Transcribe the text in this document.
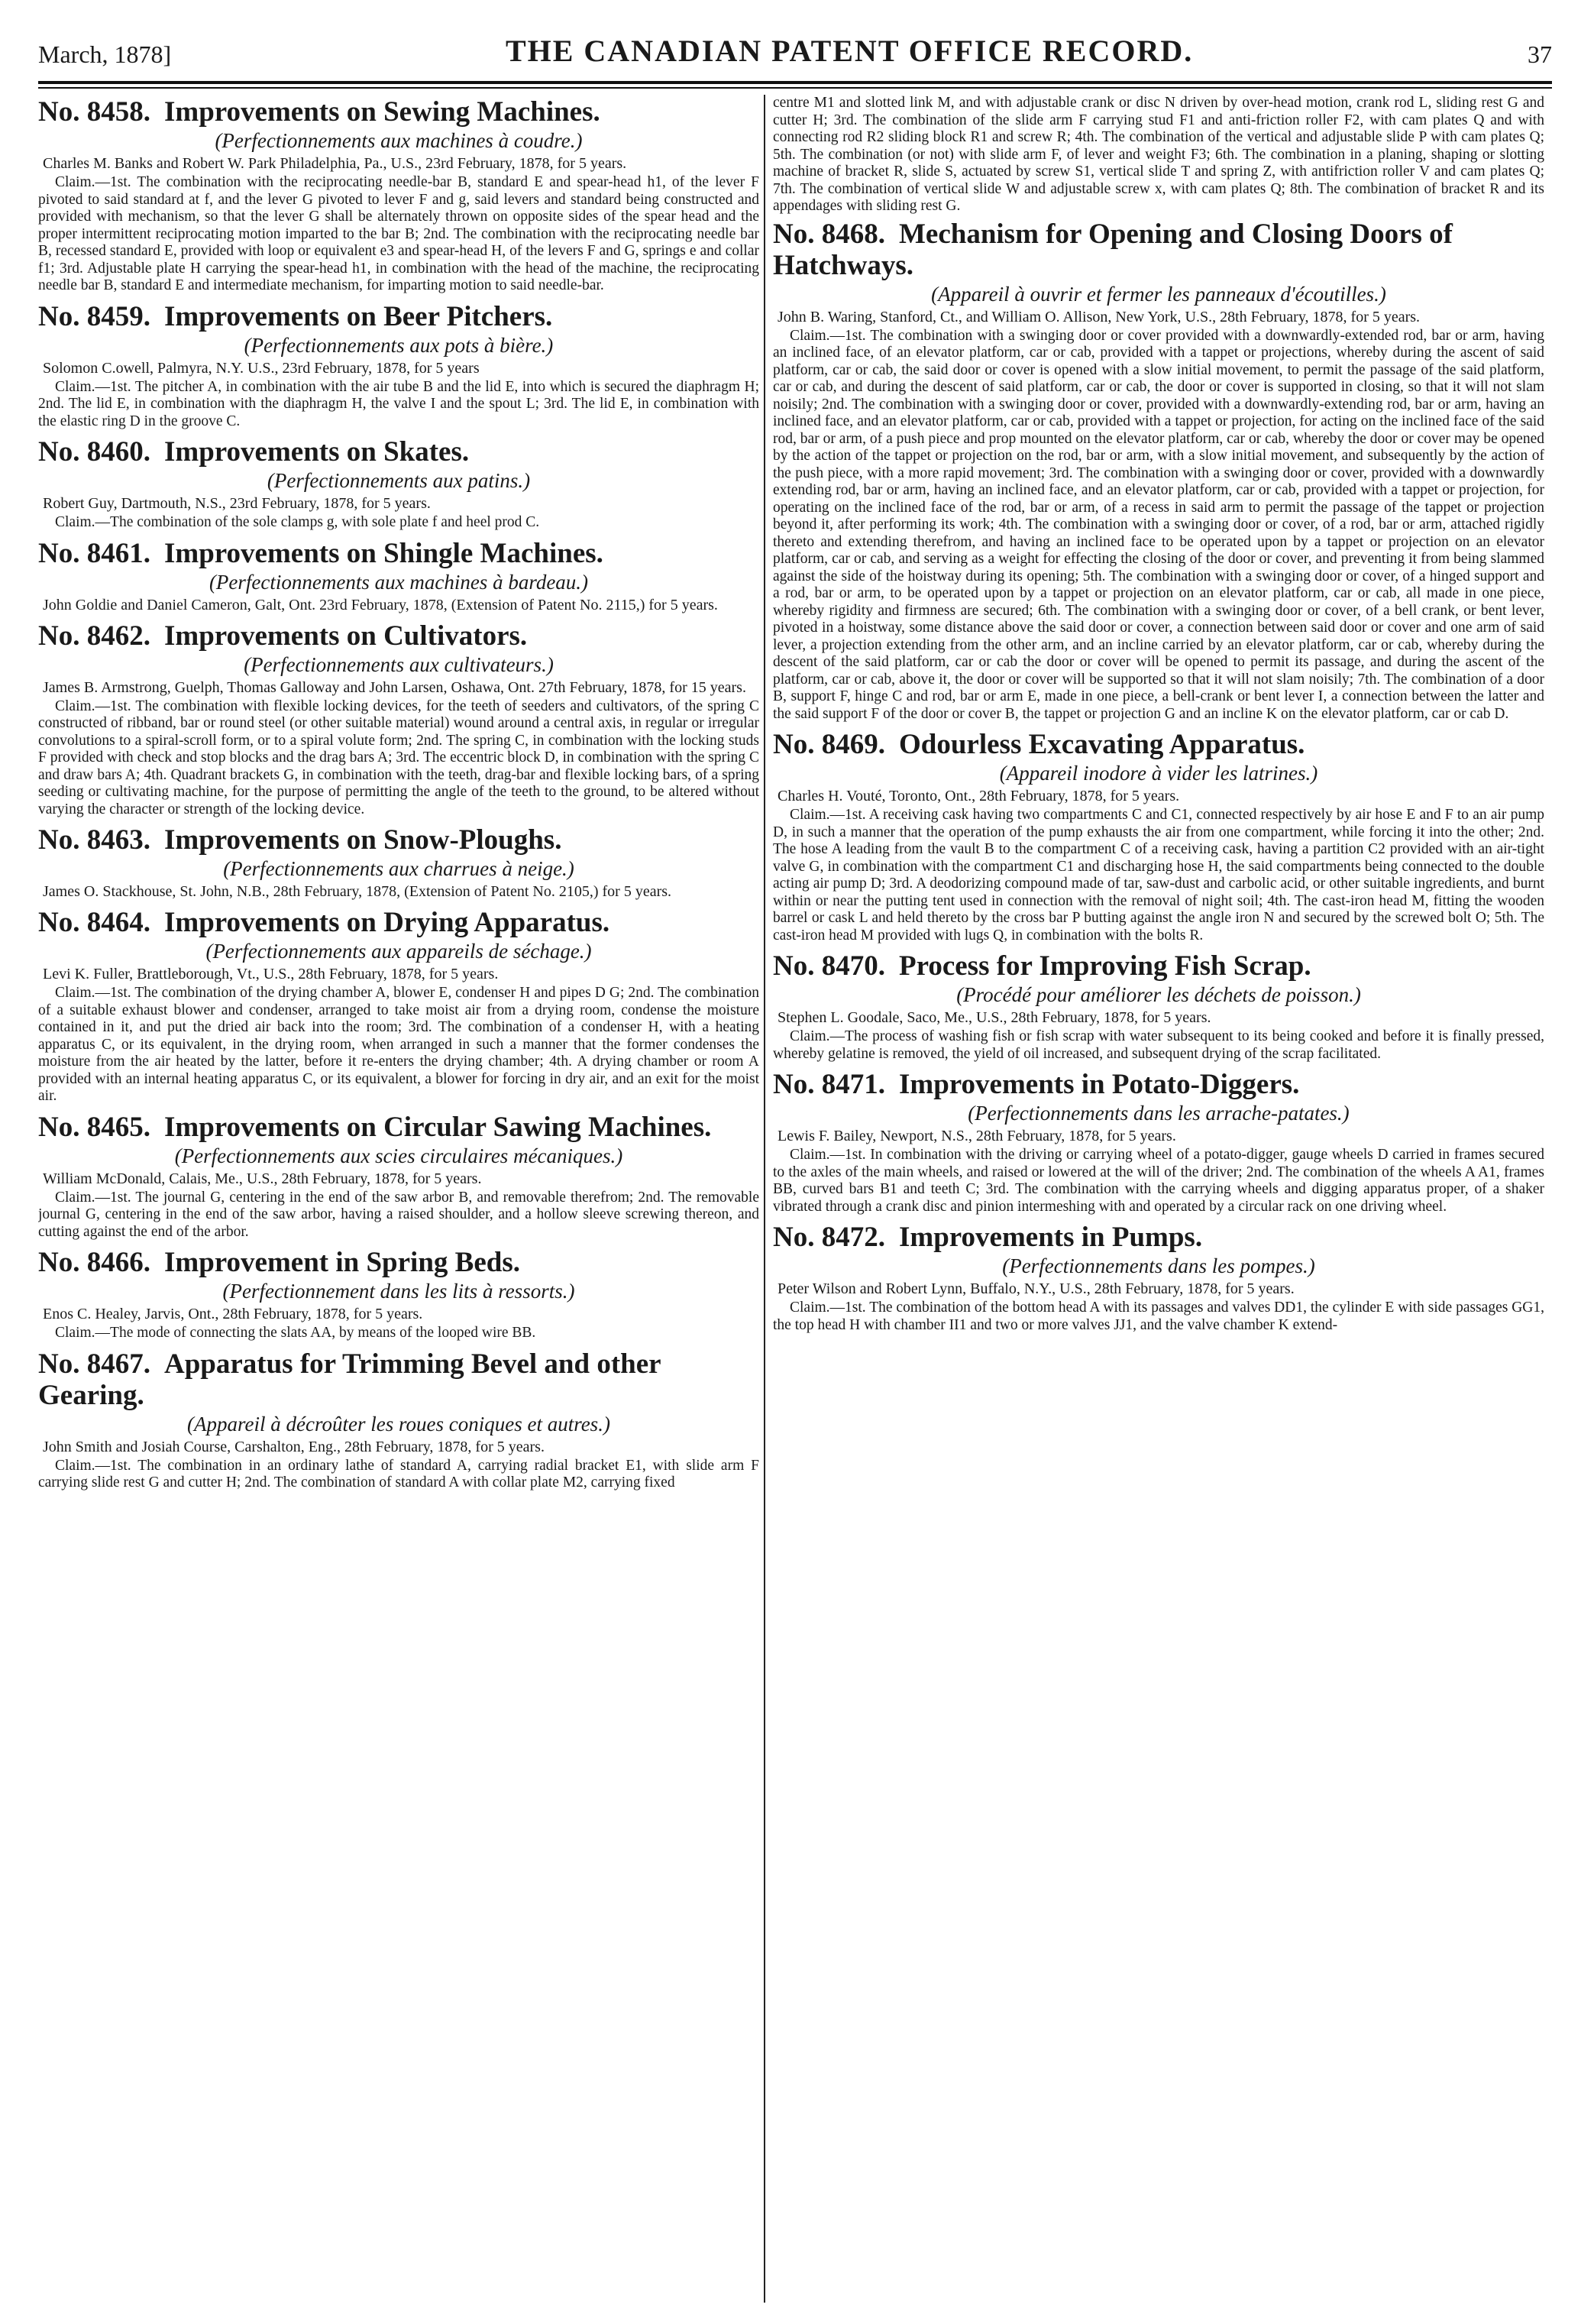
March, 1878]	THE CANADIAN PATENT OFFICE RECORD.	37
No. 8458. Improvements on Sewing Machines.
(Perfectionnements aux machines à coudre.)
Charles M. Banks and Robert W. Park Philadelphia, Pa., U.S., 23rd February, 1878, for 5 years.
Claim.—1st. The combination with the reciprocating needle-bar B, standard E and spear-head h1, of the lever F pivoted to said standard at f, and the lever G pivoted to lever F and g, said levers and standard being constructed and provided with mechanism, so that the lever G shall be alternately thrown on opposite sides of the spear head and the proper intermittent reciprocating motion imparted to the bar B; 2nd. The combination with the reciprocating needle bar B, recessed standard E, provided with loop or equivalent e3 and spear-head H, of the levers F and G, springs e and collar f1; 3rd. Adjustable plate H carrying the spear-head h1, in combination with the head of the machine, the reciprocating needle bar B, standard E and intermediate mechanism, for imparting motion to said needle-bar.
No. 8459. Improvements on Beer Pitchers.
(Perfectionnements aux pots à bière.)
Solomon C.owell, Palmyra, N.Y. U.S., 23rd February, 1878, for 5 years
Claim.—1st. The pitcher A, in combination with the air tube B and the lid E, into which is secured the diaphragm H; 2nd. The lid E, in combination with the diaphragm H, the valve I and the spout L; 3rd. The lid E, in combination with the elastic ring D in the groove C.
No. 8460. Improvements on Skates.
(Perfectionnements aux patins.)
Robert Guy, Dartmouth, N.S., 23rd February, 1878, for 5 years.
Claim.—The combination of the sole clamps g, with sole plate f and heel prod C.
No. 8461. Improvements on Shingle Machines.
(Perfectionnements aux machines à bardeau.)
John Goldie and Daniel Cameron, Galt, Ont. 23rd February, 1878, (Extension of Patent No. 2115,) for 5 years.
No. 8462. Improvements on Cultivators.
(Perfectionnements aux cultivateurs.)
James B. Armstrong, Guelph, Thomas Galloway and John Larsen, Oshawa, Ont. 27th February, 1878, for 15 years.
Claim.—1st. The combination with flexible locking devices, for the teeth of seeders and cultivators, of the spring C constructed of ribband, bar or round steel (or other suitable material) wound around a central axis, in regular or irregular convolutions to a spiral-scroll form, or to a spiral volute form; 2nd. The spring C, in combination with the locking studs F provided with check and stop blocks and the drag bars A; 3rd. The eccentric block D, in combination with the spring C and draw bars A; 4th. Quadrant brackets G, in combination with the teeth, drag-bar and flexible locking bars, of a spring seeding or cultivating machine, for the purpose of permitting the angle of the teeth to the ground, to be altered without varying the character or strength of the locking device.
No. 8463. Improvements on Snow-Ploughs.
(Perfectionnements aux charrues à neige.)
James O. Stackhouse, St. John, N.B., 28th February, 1878, (Extension of Patent No. 2105,) for 5 years.
No. 8464. Improvements on Drying Apparatus.
(Perfectionnements aux appareils de séchage.)
Levi K. Fuller, Brattleborough, Vt., U.S., 28th February, 1878, for 5 years.
Claim.—1st. The combination of the drying chamber A, blower E, condenser H and pipes D G; 2nd. The combination of a suitable exhaust blower and condenser, arranged to take moist air from a drying room, condense the moisture contained in it, and put the dried air back into the room; 3rd. The combination of a condenser H, with a heating apparatus C, or its equivalent, in the drying room, when arranged in such a manner that the former condenses the moisture from the air heated by the latter, before it re-enters the drying chamber; 4th. A drying chamber or room A provided with an internal heating apparatus C, or its equivalent, a blower for forcing in dry air, and an exit for the moist air.
No. 8465. Improvements on Circular Sawing Machines.
(Perfectionnements aux scies circulaires mécaniques.)
William McDonald, Calais, Me., U.S., 28th February, 1878, for 5 years.
Claim.—1st. The journal G, centering in the end of the saw arbor B, and removable therefrom; 2nd. The removable journal G, centering in the end of the saw arbor, having a raised shoulder, and a hollow sleeve screwing thereon, and cutting against the end of the arbor.
No. 8466. Improvement in Spring Beds.
(Perfectionnement dans les lits à ressorts.)
Enos C. Healey, Jarvis, Ont., 28th February, 1878, for 5 years.
Claim.—The mode of connecting the slats AA, by means of the looped wire BB.
No. 8467. Apparatus for Trimming Bevel and other Gearing.
(Appareil à décroûter les roues coniques et autres.)
John Smith and Josiah Course, Carshalton, Eng., 28th February, 1878, for 5 years.
Claim.—1st. The combination in an ordinary lathe of standard A, carrying radial bracket E1, with slide arm F carrying slide rest G and cutter H; 2nd. The combination of standard A with collar plate M2, carrying fixed
centre M1 and slotted link M, and with adjustable crank or disc N driven by over-head motion, crank rod L, sliding rest G and cutter H; 3rd. The combination of the slide arm F carrying stud F1 and anti-friction roller F2, with cam plates Q and with connecting rod R2 sliding block R1 and screw R; 4th. The combination of the vertical and adjustable slide P with cam plates Q; 5th. The combination (or not) with slide arm F, of lever and weight F3; 6th. The combination in a planing, shaping or slotting machine of bracket R, slide S, actuated by screw S1, vertical slide T and spring Z, with antifriction roller V and cam plates Q; 7th. The combination of vertical slide W and adjustable screw x, with cam plates Q; 8th. The combination of bracket R and its appendages with sliding rest G.
No. 8468. Mechanism for Opening and Closing Doors of Hatchways.
(Appareil à ouvrir et fermer les panneaux d'écoutilles.)
John B. Waring, Stanford, Ct., and William O. Allison, New York, U.S., 28th February, 1878, for 5 years.
Claim.—1st. The combination with a swinging door or cover provided with a downwardly-extended rod, bar or arm, having an inclined face, of an elevator platform, car or cab, provided with a tappet or projections, whereby during the ascent of said platform, car or cab, the said door or cover is opened with a slow initial movement, to permit the passage of the said platform, car or cab, and during the descent of said platform, car or cab, the door or cover is supported in closing, so that it will not slam noisily; 2nd. The combination with a swinging door or cover, provided with a downwardly-extending rod, bar or arm, having an inclined face, and an elevator platform, car or cab, provided with a tappet or projection, for acting on the inclined face of the said rod, bar or arm, of a push piece and prop mounted on the elevator platform, car or cab, whereby the door or cover may be opened by the action of the tappet or projection on the rod, bar or arm, with a slow initial movement, and subsequently by the action of the push piece, with a more rapid movement; 3rd. The combination with a swinging door or cover, provided with a downwardly extending rod, bar or arm, having an inclined face, and an elevator platform, car or cab, provided with a tappet or projection, for operating on the inclined face of the rod, bar or arm, of a recess in said arm to permit the passage of the tappet or projection beyond it, after performing its work; 4th. The combination with a swinging door or cover, of a rod, bar or arm, attached rigidly thereto and extending therefrom, and having an inclined face to be operated upon by a tappet or projection on an elevator platform, car or cab, and serving as a weight for effecting the closing of the door or cover, and preventing it from being slammed against the side of the hoistway during its opening; 5th. The combination with a swinging door or cover, of a hinged support and a rod, bar or arm, to be operated upon by a tappet or projection on an elevator platform, car or cab, all made in one piece, whereby rigidity and firmness are secured; 6th. The combination with a swinging door or cover, of a bell crank, or bent lever, pivoted in a hoistway, some distance above the said door or cover, a connection between said door or cover and one arm of said lever, a projection extending from the other arm, and an incline carried by an elevator platform, car or cab, whereby during the descent of the said platform, car or cab the door or cover will be opened to permit its passage, and during the ascent of the platform, car or cab, above it, the door or cover will be supported so that it will not slam noisily; 7th. The combination of a door B, support F, hinge C and rod, bar or arm E, made in one piece, a bell-crank or bent lever I, a connection between the latter and the said support F of the door or cover B, the tappet or projection G and an incline K on the elevator platform, car or cab D.
No. 8469. Odourless Excavating Apparatus.
(Appareil inodore à vider les latrines.)
Charles H. Vouté, Toronto, Ont., 28th February, 1878, for 5 years.
Claim.—1st. A receiving cask having two compartments C and C1, connected respectively by air hose E and F to an air pump D, in such a manner that the operation of the pump exhausts the air from one compartment, while forcing it into the other; 2nd. The hose A leading from the vault B to the compartment C of a receiving cask, having a partition C2 provided with an air-tight valve G, in combination with the compartment C1 and discharging hose H, the said compartments being connected to the double acting air pump D; 3rd. A deodorizing compound made of tar, saw-dust and carbolic acid, or other suitable ingredients, and burnt within or near the putting tent used in connection with the removal of night soil; 4th. The cast-iron head M, fitting the wooden barrel or cask L and held thereto by the cross bar P butting against the angle iron N and secured by the screwed bolt O; 5th. The cast-iron head M provided with lugs Q, in combination with the bolts R.
No. 8470. Process for Improving Fish Scrap.
(Procédé pour améliorer les déchets de poisson.)
Stephen L. Goodale, Saco, Me., U.S., 28th February, 1878, for 5 years.
Claim.—The process of washing fish or fish scrap with water subsequent to its being cooked and before it is finally pressed, whereby gelatine is removed, the yield of oil increased, and subsequent drying of the scrap facilitated.
No. 8471. Improvements in Potato-Diggers.
(Perfectionnements dans les arrache-patates.)
Lewis F. Bailey, Newport, N.S., 28th February, 1878, for 5 years.
Claim.—1st. In combination with the driving or carrying wheel of a potato-digger, gauge wheels D carried in frames secured to the axles of the main wheels, and raised or lowered at the will of the driver; 2nd. The combination of the wheels A A1, frames BB, curved bars B1 and teeth C; 3rd. The combination with the carrying wheels and digging apparatus proper, of a shaker vibrated through a crank disc and pinion intermeshing with and operated by a circular rack on one driving wheel.
No. 8472. Improvements in Pumps.
(Perfectionnements dans les pompes.)
Peter Wilson and Robert Lynn, Buffalo, N.Y., U.S., 28th February, 1878, for 5 years.
Claim.—1st. The combination of the bottom head A with its passages and valves DD1, the cylinder E with side passages GG1, the top head H with chamber II1 and two or more valves JJ1, and the valve chamber K extend-
